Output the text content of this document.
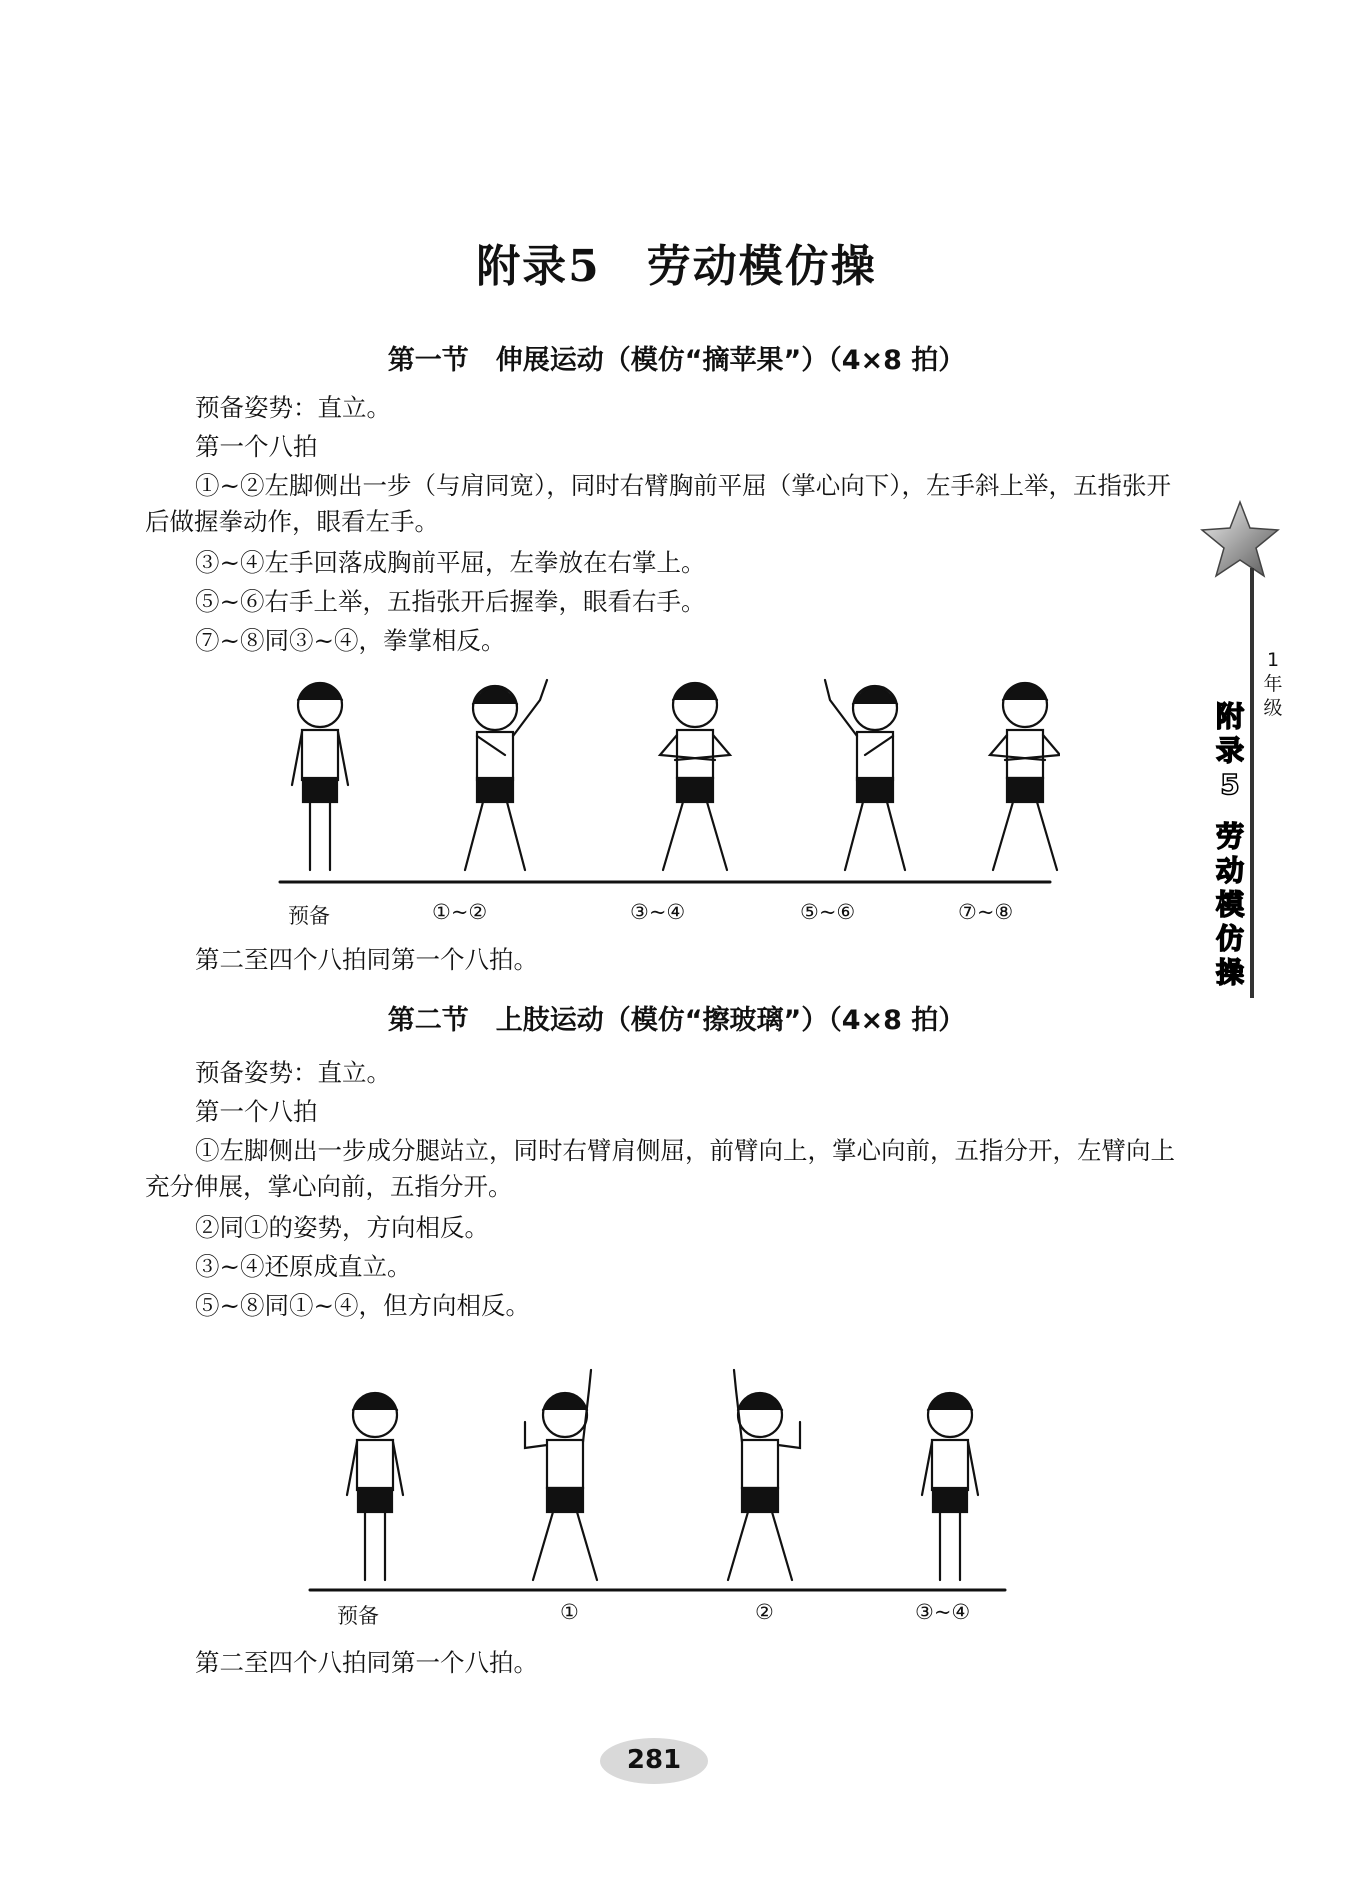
1
年
级
附
录
5
劳
动
模
仿
操
附录5　劳动模仿操
第一节　伸展运动（模仿“摘苹果”）（4×8 拍）

预备姿势：直立。

第一个八拍

①~②左脚侧出一步（与肩同宽），同时右臂胸前平屈（掌心向下），左手斜上举，五指张开后做握拳动作，眼看左手。

③~④左手回落成胸前平屈，左拳放在右掌上。

⑤~⑥右手上举，五指张开后握拳，眼看右手。

⑦~⑧同③~④，拳掌相反。

预备	①~②	③~④	⑤~⑥	⑦~⑧

第二至四个八拍同第一个八拍。

第二节　上肢运动（模仿“擦玻璃”）（4×8 拍）

预备姿势：直立。

第一个八拍

①左脚侧出一步成分腿站立，同时右臂肩侧屈，前臂向上，掌心向前，五指分开，左臂向上充分伸展，掌心向前，五指分开。

②同①的姿势，方向相反。

③~④还原成直立。

⑤~⑧同①~④，但方向相反。

预备	①	②	③~④

第二至四个八拍同第一个八拍。

281
